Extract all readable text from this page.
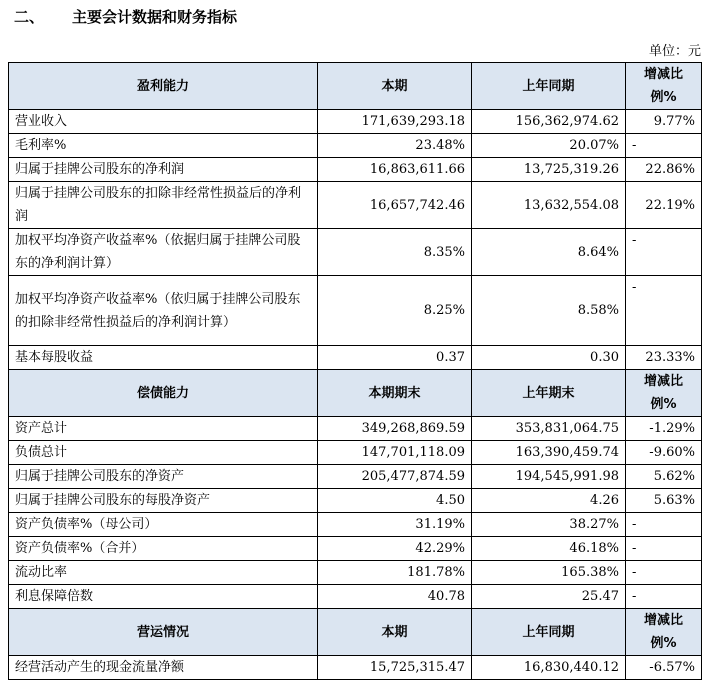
二、 主要会计数据和财务指标
单位：元
盈利能力	本期	上年同期	增减比例%
营业收入	171,639,293.18	156,362,974.62	9.77%
毛利率%	23.48%	20.07%	-
归属于挂牌公司股东的净利润	16,863,611.66	13,725,319.26	22.86%
归属于挂牌公司股东的扣除非经常性损益后的净利润	16,657,742.46	13,632,554.08	22.19%
加权平均净资产收益率%（依据归属于挂牌公司股东的净利润计算）	8.35%	8.64%	-
加权平均净资产收益率%（依归属于挂牌公司股东的扣除非经常性损益后的净利润计算）	8.25%	8.58%	-
基本每股收益	0.37	0.30	23.33%
偿债能力	本期期末	上年期末	增减比例%
资产总计	349,268,869.59	353,831,064.75	-1.29%
负债总计	147,701,118.09	163,390,459.74	-9.60%
归属于挂牌公司股东的净资产	205,477,874.59	194,545,991.98	5.62%
归属于挂牌公司股东的每股净资产	4.50	4.26	5.63%
资产负债率%（母公司）	31.19%	38.27%	-
资产负债率%（合并）	42.29%	46.18%	-
流动比率	181.78%	165.38%	-
利息保障倍数	40.78	25.47	-
营运情况	本期	上年同期	增减比例%
经营活动产生的现金流量净额	15,725,315.47	16,830,440.12	-6.57%
